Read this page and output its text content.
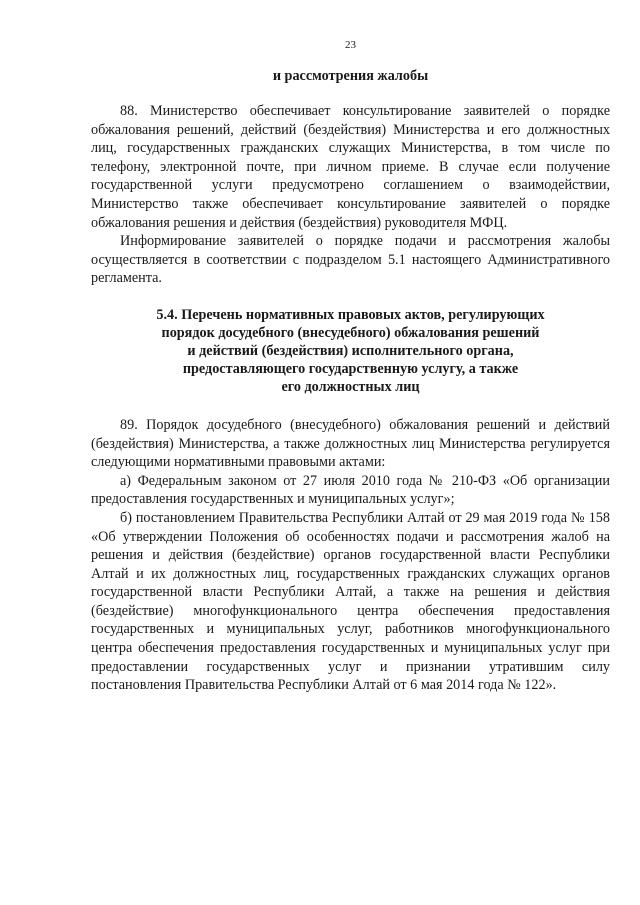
23
и рассмотрения жалобы

88. Министерство обеспечивает консультирование заявителей о порядке обжалования решений, действий (бездействия) Министерства и его должностных лиц, государственных гражданских служащих Министерства, в том числе по телефону, электронной почте, при личном приеме. В случае если получение государственной услуги предусмотрено соглашением о взаимодействии, Министерство также обеспечивает консультирование заявителей о порядке обжалования решения и действия (бездействия) руководителя МФЦ.

Информирование заявителей о порядке подачи и рассмотрения жалобы осуществляется в соответствии с подразделом 5.1 настоящего Административного регламента.

5.4. Перечень нормативных правовых актов, регулирующих
порядок досудебного (внесудебного) обжалования решений
и действий (бездействия) исполнительного органа,
предоставляющего государственную услугу, а также
его должностных лиц

89. Порядок досудебного (внесудебного) обжалования решений и действий (бездействия) Министерства, а также должностных лиц Министерства регулируется следующими нормативными правовыми актами:

а) Федеральным законом от 27 июля 2010 года № 210-ФЗ «Об организации предоставления государственных и муниципальных услуг»;

б) постановлением Правительства Республики Алтай от 29 мая 2019 года № 158 «Об утверждении Положения об особенностях подачи и рассмотрения жалоб на решения и действия (бездействие) органов государственной власти Республики Алтай и их должностных лиц, государственных гражданских служащих органов государственной власти Республики Алтай, а также на решения и действия (бездействие) многофункционального центра обеспечения предоставления государственных и муниципальных услуг, работников многофункционального центра обеспечения предоставления государственных и муниципальных услуг при предоставлении государственных услуг и признании утратившим силу постановления Правительства Республики Алтай от 6 мая 2014 года № 122».
